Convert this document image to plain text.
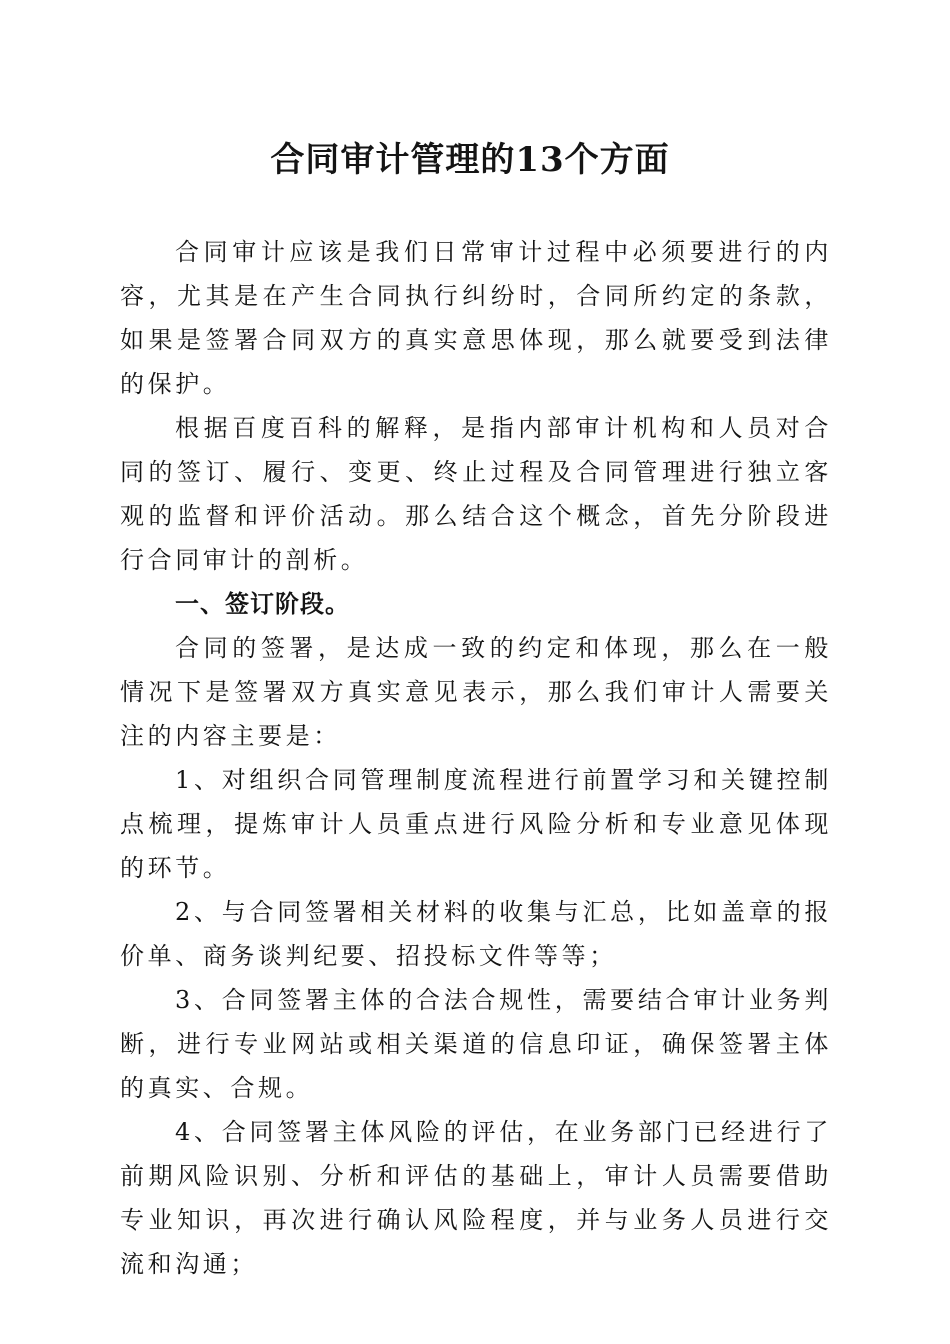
合同审计管理的13个方面

合同审计应该是我们日常审计过程中必须要进行的内容，尤其是在产生合同执行纠纷时，合同所约定的条款，如果是签署合同双方的真实意思体现，那么就要受到法律的保护。

根据百度百科的解释，是指内部审计机构和人员对合同的签订、履行、变更、终止过程及合同管理进行独立客观的监督和评价活动。那么结合这个概念，首先分阶段进行合同审计的剖析。

一、签订阶段。

合同的签署，是达成一致的约定和体现，那么在一般情况下是签署双方真实意见表示，那么我们审计人需要关注的内容主要是：

1、对组织合同管理制度流程进行前置学习和关键控制点梳理，提炼审计人员重点进行风险分析和专业意见体现的环节。

2、与合同签署相关材料的收集与汇总，比如盖章的报价单、商务谈判纪要、招投标文件等等；

3、合同签署主体的合法合规性，需要结合审计业务判断，进行专业网站或相关渠道的信息印证，确保签署主体的真实、合规。

4、合同签署主体风险的评估，在业务部门已经进行了前期风险识别、分析和评估的基础上，审计人员需要借助专业知识，再次进行确认风险程度，并与业务人员进行交流和沟通；
